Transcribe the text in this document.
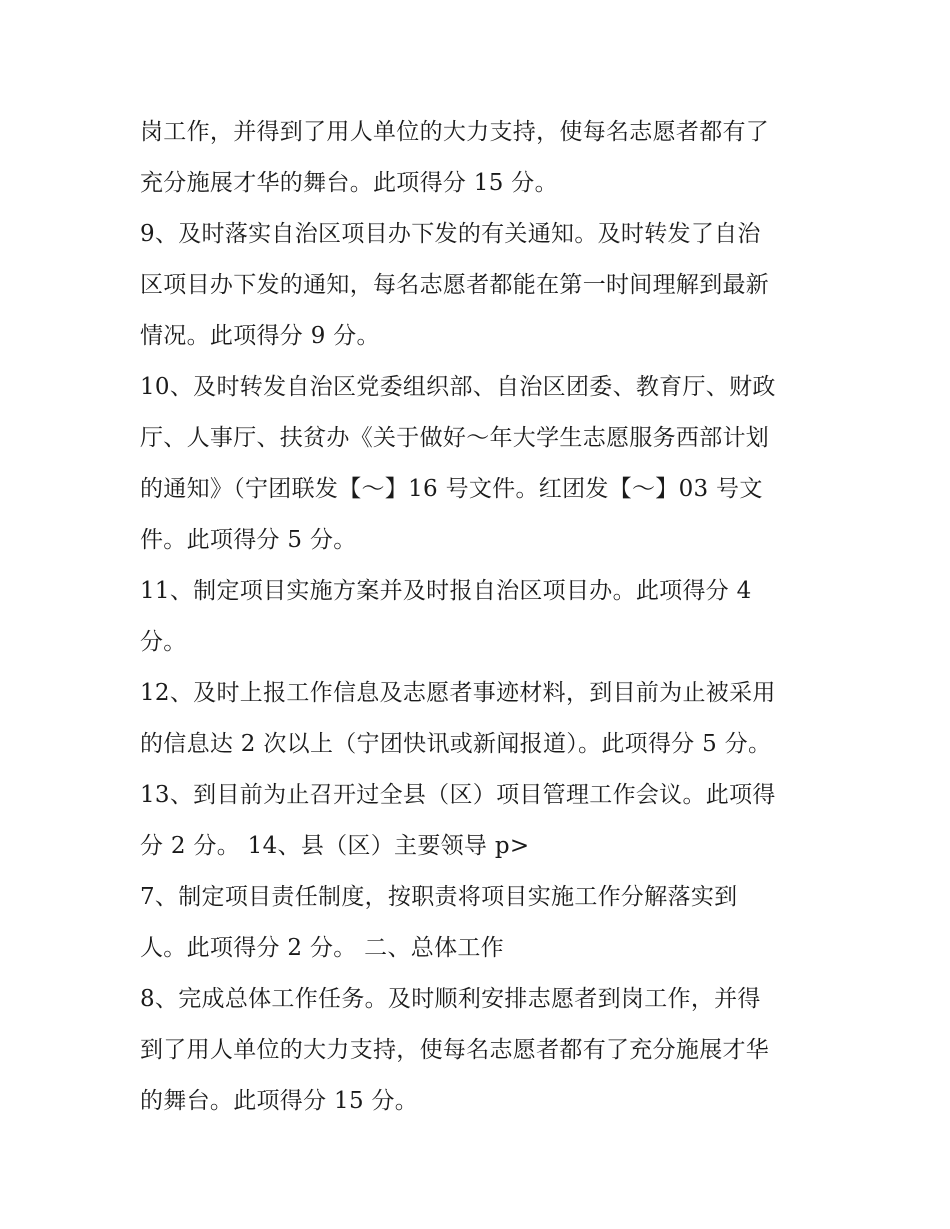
岗工作，并得到了用人单位的大力支持，使每名志愿者都有了
充分施展才华的舞台。此项得分 15 分。
9、及时落实自治区项目办下发的有关通知。及时转发了自治
区项目办下发的通知，每名志愿者都能在第一时间理解到最新
情况。此项得分 9 分。
10、及时转发自治区党委组织部、自治区团委、教育厅、财政
厅、人事厅、扶贫办《关于做好～年大学生志愿服务西部计划
的通知》（宁团联发【～】16 号文件。红团发【～】03 号文
件。此项得分 5 分。
11、制定项目实施方案并及时报自治区项目办。此项得分 4
分。
12、及时上报工作信息及志愿者事迹材料，到目前为止被采用
的信息达 2 次以上（宁团快讯或新闻报道）。此项得分 5 分。
13、到目前为止召开过全县（区）项目管理工作会议。此项得
分 2 分。 14、县（区）主要领导 p>
7、制定项目责任制度，按职责将项目实施工作分解落实到
人。此项得分 2 分。 二、总体工作
8、完成总体工作任务。及时顺利安排志愿者到岗工作，并得
到了用人单位的大力支持，使每名志愿者都有了充分施展才华
的舞台。此项得分 15 分。
